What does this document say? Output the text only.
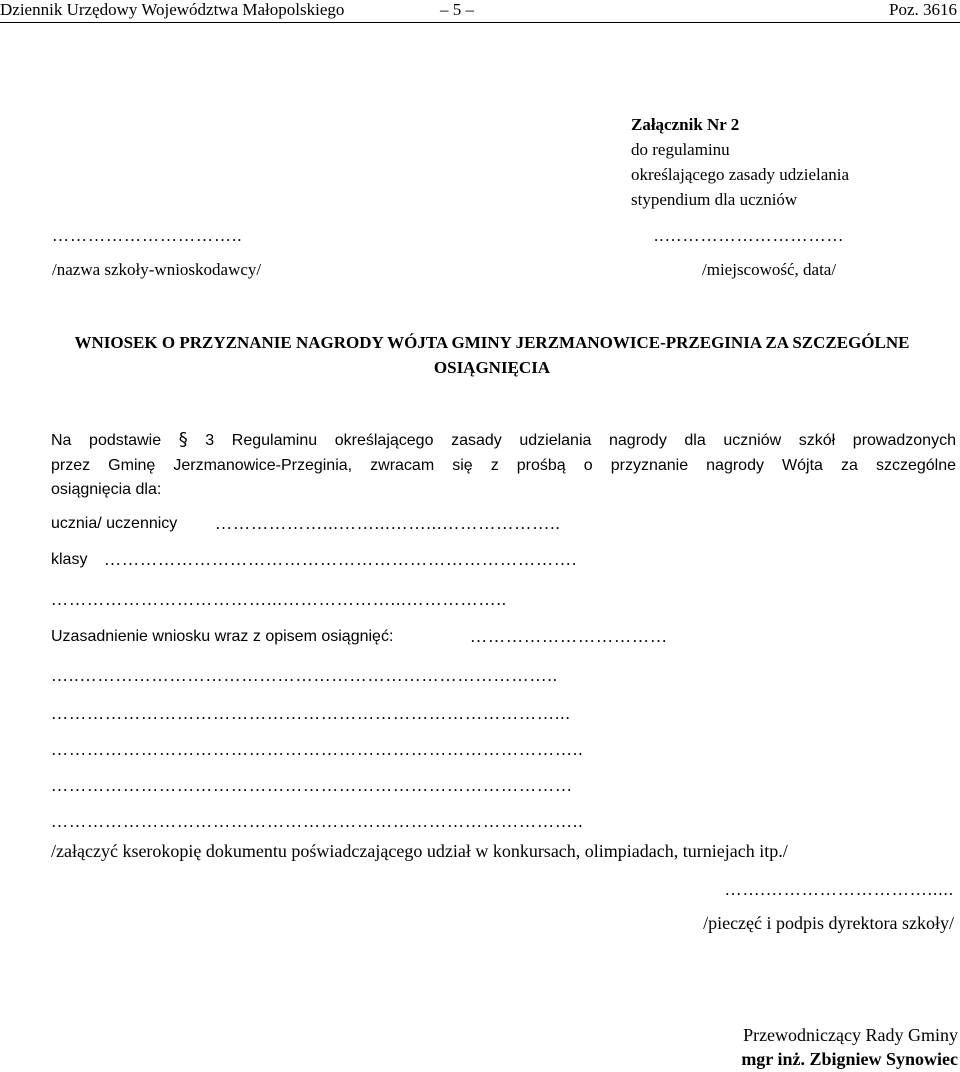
Dziennik Urzędowy Województwa Małopolskiego	– 5 –	Poz. 3616
Załącznik Nr 2
do regulaminu
określającego zasady udzielania
stypendium dla uczniów
…………………………..
/nazwa szkoły-wnioskodawcy/
..…………………………
/miejscowość, data/
WNIOSEK O PRZYZNANIE NAGRODY WÓJTA GMINY JERZMANOWICE-PRZEGINIA ZA SZCZEGÓLNE OSIĄGNIĘCIA
Na podstawie § 3 Regulaminu określającego zasady udzielania nagrody dla uczniów szkół prowadzonych
przez Gminę Jerzmanowice-Przeginia, zwracam się z prośbą o przyznanie nagrody Wójta za szczególne
osiągnięcia dla:
ucznia/ uczennicy ………………...……...……...………………..
klasy …………………………………………………………………….
………………………………...………………...……………..
Uzasadnienie wniosku wraz z opisem osiągnięć:	……………………………
…..……………………………………………………………………..
…………………………………………………………………………...
……………………………………………………………………………..
……………………………………………………………………………
……………………………………………………………………………..
/załączyć kserokopię dokumentu poświadczającego udział w konkursach, olimpiadach, turniejach itp./
…….……………………….....
/pieczęć i podpis dyrektora szkoły/
Przewodniczący Rady Gminy
mgr inż. Zbigniew Synowiec
